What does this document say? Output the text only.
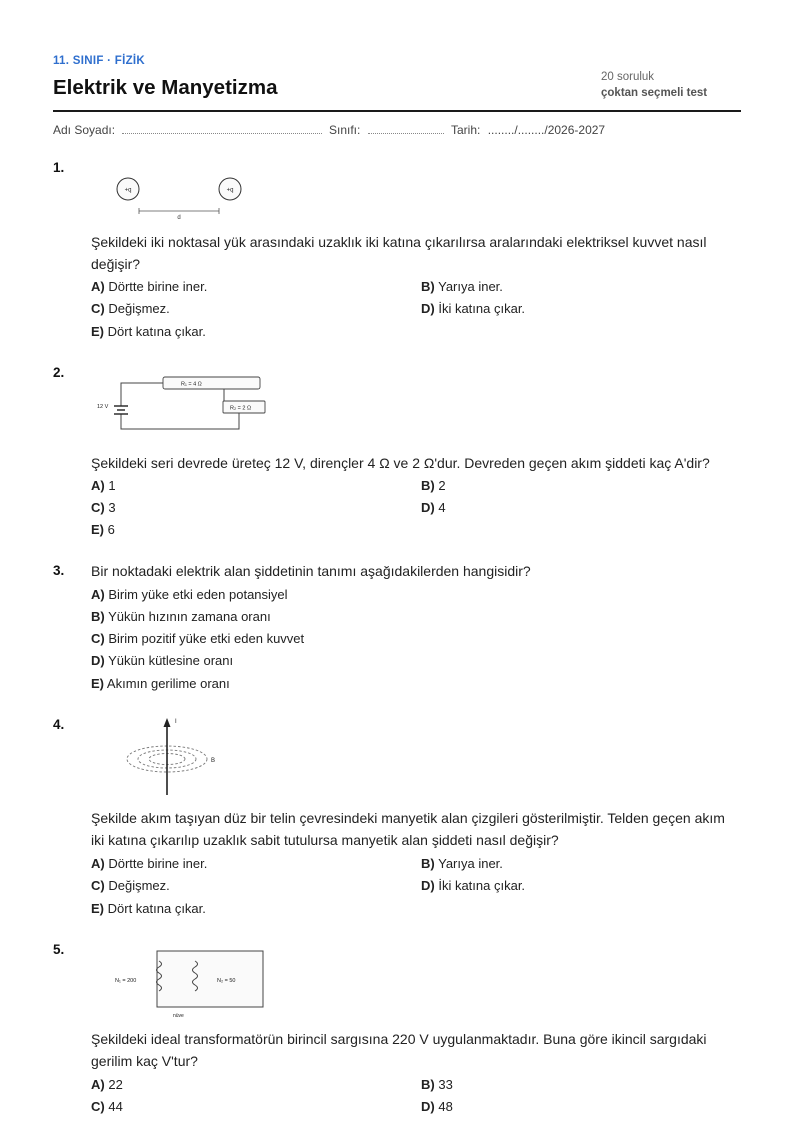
11. SINIF · FİZİK
Elektrik ve Manyetizma	20 soruluk
çoktan seçmeli test
Adı Soyadı:	Sınıfı:	Tarih: ......../......../2026-2027
1.
+q	+q
d
Şekildeki iki noktasal yük arasındaki uzaklık iki katına çıkarılırsa aralarındaki elektriksel kuvvet nasıl değişir?
A) Dörtte birine iner.	B) Yarıya iner.
C) Değişmez.	D) İki katına çıkar.
E) Dört katına çıkar.
2.
R₁ = 4 Ω
R₂ = 2 Ω
12 V
Şekildeki seri devrede üreteç 12 V, dirençler 4 Ω ve 2 Ω'dur. Devreden geçen akım şiddeti kaç A'dir?
A) 1	B) 2
C) 3	D) 4
E) 6
3. Bir noktadaki elektrik alan şiddetinin tanımı aşağıdakilerden hangisidir?
A) Birim yüke etki eden potansiyel
B) Yükün hızının zamana oranı
C) Birim pozitif yüke etki eden kuvvet
D) Yükün kütlesine oranı
E) Akımın gerilime oranı
4.	I
B
Şekilde akım taşıyan düz bir telin çevresindeki manyetik alan çizgileri gösterilmiştir. Telden geçen akım iki katına çıkarılıp uzaklık sabit tutulursa manyetik alan şiddeti nasıl değişir?
A) Dörtte birine iner.	B) Yarıya iner.
C) Değişmez.	D) İki katına çıkar.
E) Dört katına çıkar.
5.
N₁ = 200	N₂ = 50
nüve
Şekildeki ideal transformatörün birincil sargısına 220 V uygulanmaktadır. Buna göre ikincil sargıdaki gerilim kaç V'tur?
A) 22	B) 33
C) 44	D) 48
